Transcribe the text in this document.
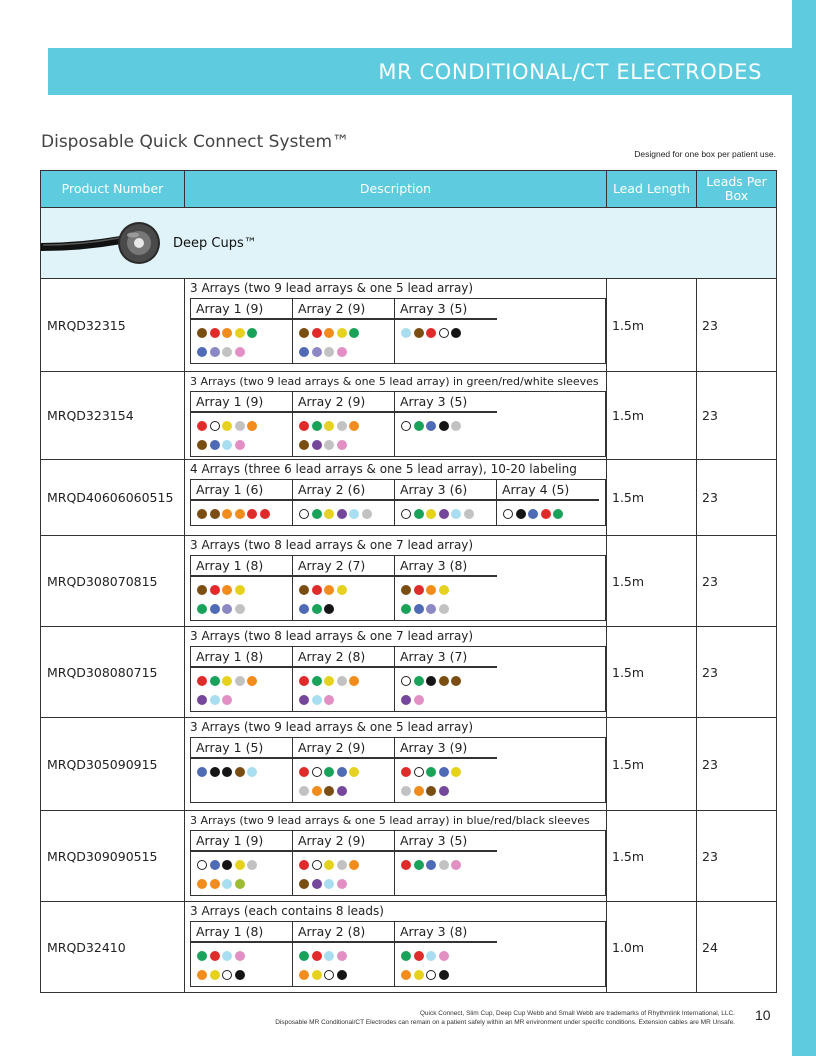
MR CONDITIONAL/CT ELECTRODES
Disposable Quick Connect System™
Designed for one box per patient use.
Product Number	Description	Lead Length	Leads Per Box

Deep Cups™			

MRQD32315	3 Arrays (two 9 lead arrays & one 5 lead array)
Array 1 (9) Array 2 (9) Array 3 (5)	1.5m	23
MRQD323154	3 Arrays (two 9 lead arrays & one 5 lead array) in green/red/white sleeves
Array 1 (9) Array 2 (9) Array 3 (5)	1.5m	23
MRQD40606060515	4 Arrays (three 6 lead arrays & one 5 lead array), 10-20 labeling
Array 1 (6) Array 2 (6) Array 3 (6) Array 4 (5)	1.5m	23
MRQD308070815	3 Arrays (two 8 lead arrays & one 7 lead array)
Array 1 (8) Array 2 (7) Array 3 (8)	1.5m	23
MRQD308080715	3 Arrays (two 8 lead arrays & one 7 lead array)
Array 1 (8) Array 2 (8) Array 3 (7)	1.5m	23
MRQD305090915	3 Arrays (two 9 lead arrays & one 5 lead array)
Array 1 (5) Array 2 (9) Array 3 (9)	1.5m	23
MRQD309090515	3 Arrays (two 9 lead arrays & one 5 lead array) in blue/red/black sleeves
Array 1 (9) Array 2 (9) Array 3 (5)	1.5m	23
MRQD32410	3 Arrays (each contains 8 leads)
Array 1 (8) Array 2 (8) Array 3 (8)	1.0m	24
Quick Connect, Slim Cup, Deep Cup Webb and Small Webb are trademarks of Rhythmlink International, LLC.
Disposable MR Conditional/CT Electrodes can remain on a patient safely within an MR environment under specific conditions. Extension cables are MR Unsafe. 10
